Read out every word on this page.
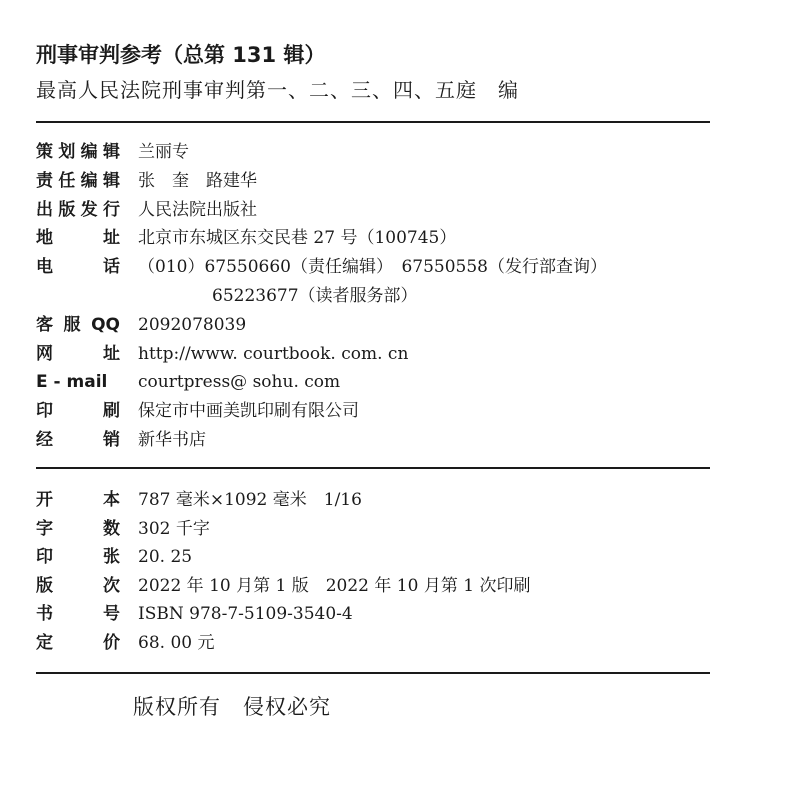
刑事审判参考（总第 131 辑）
最高人民法院刑事审判第一、二、三、四、五庭　编
策 划 编 辑 兰丽专
责 任 编 辑 张　奎　路建华
出 版 发 行 人民法院出版社
地	址 北京市东城区东交民巷 27 号（100745）
电	话 （010）67550660（责任编辑）　67550558（发行部查询）
65223677（读者服务部）
客 服 QQ 2092078039
网	址 http://www. courtbook. com. cn
E - mail courtpress@ sohu. com
印	刷 保定市中画美凯印刷有限公司
经	销 新华书店
开	本 787 毫米×1092 毫米　1/16
字	数 302 千字
印	张 20. 25
版	次 2022 年 10 月第 1 版　2022 年 10 月第 1 次印刷
书	号 ISBN 978-7-5109-3540-4
定	价 68. 00 元
版权所有　侵权必究
